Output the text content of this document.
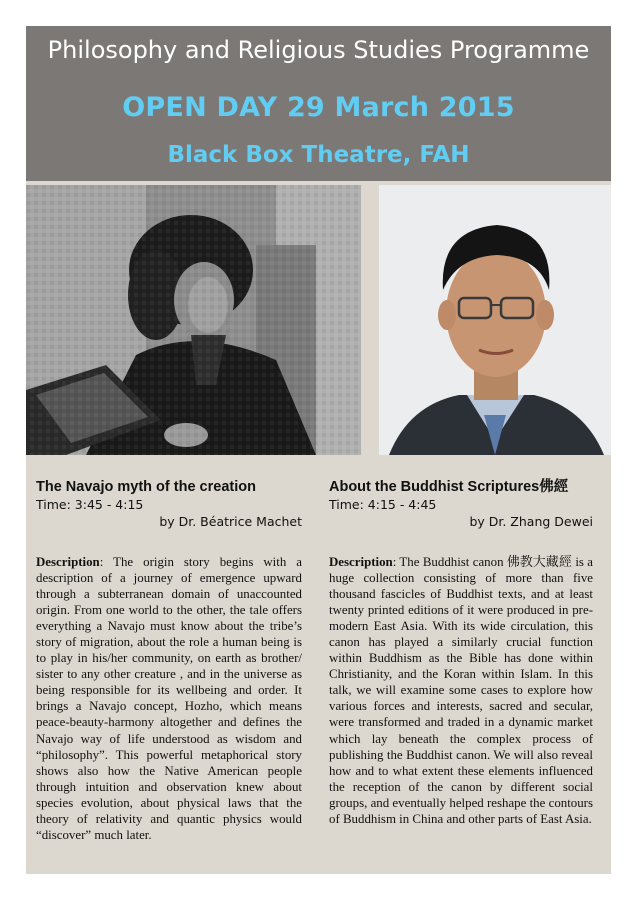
Philosophy and Religious Studies Programme
OPEN DAY 29 March 2015
Black Box Theatre, FAH
The Navajo myth of the creation
Time: 3:45 - 4:15
by Dr. Béatrice Machet
Description: The origin story begins with a description of a journey of emergence upward through a subterranean domain of unaccounted origin. From one world to the other, the tale offers everything a Navajo must know about the tribe’s story of migration, about the role a human being is to play in his/her community, on earth as brother/ sister to any other creature , and in the universe as being responsible for its wellbeing and order. It brings a Navajo concept, Hozho, which means peace-beauty-harmony altogether and defines the Navajo way of life understood as wisdom and “philosophy”. This powerful metaphorical story shows also how the Native American people through intuition and observation knew about species evolution, about physical laws that the theory of relativity and quantic physics would “discover” much later.
About the Buddhist Scriptures佛經
Time: 4:15 - 4:45
by Dr. Zhang Dewei
Description: The Buddhist canon 佛教大藏經 is a huge collection consisting of more than five thousand fascicles of Buddhist texts, and at least twenty printed editions of it were produced in pre-modern East Asia. With its wide circulation, this canon has played a similarly crucial function within Buddhism as the Bible has done within Christianity, and the Koran within Islam. In this talk, we will examine some cases to explore how various forces and interests, sacred and secular, were transformed and traded in a dynamic market which lay beneath the complex process of publishing the Buddhist canon. We will also reveal how and to what extent these elements influenced the reception of the canon by different social groups, and eventually helped reshape the contours of Buddhism in China and other parts of East Asia.
